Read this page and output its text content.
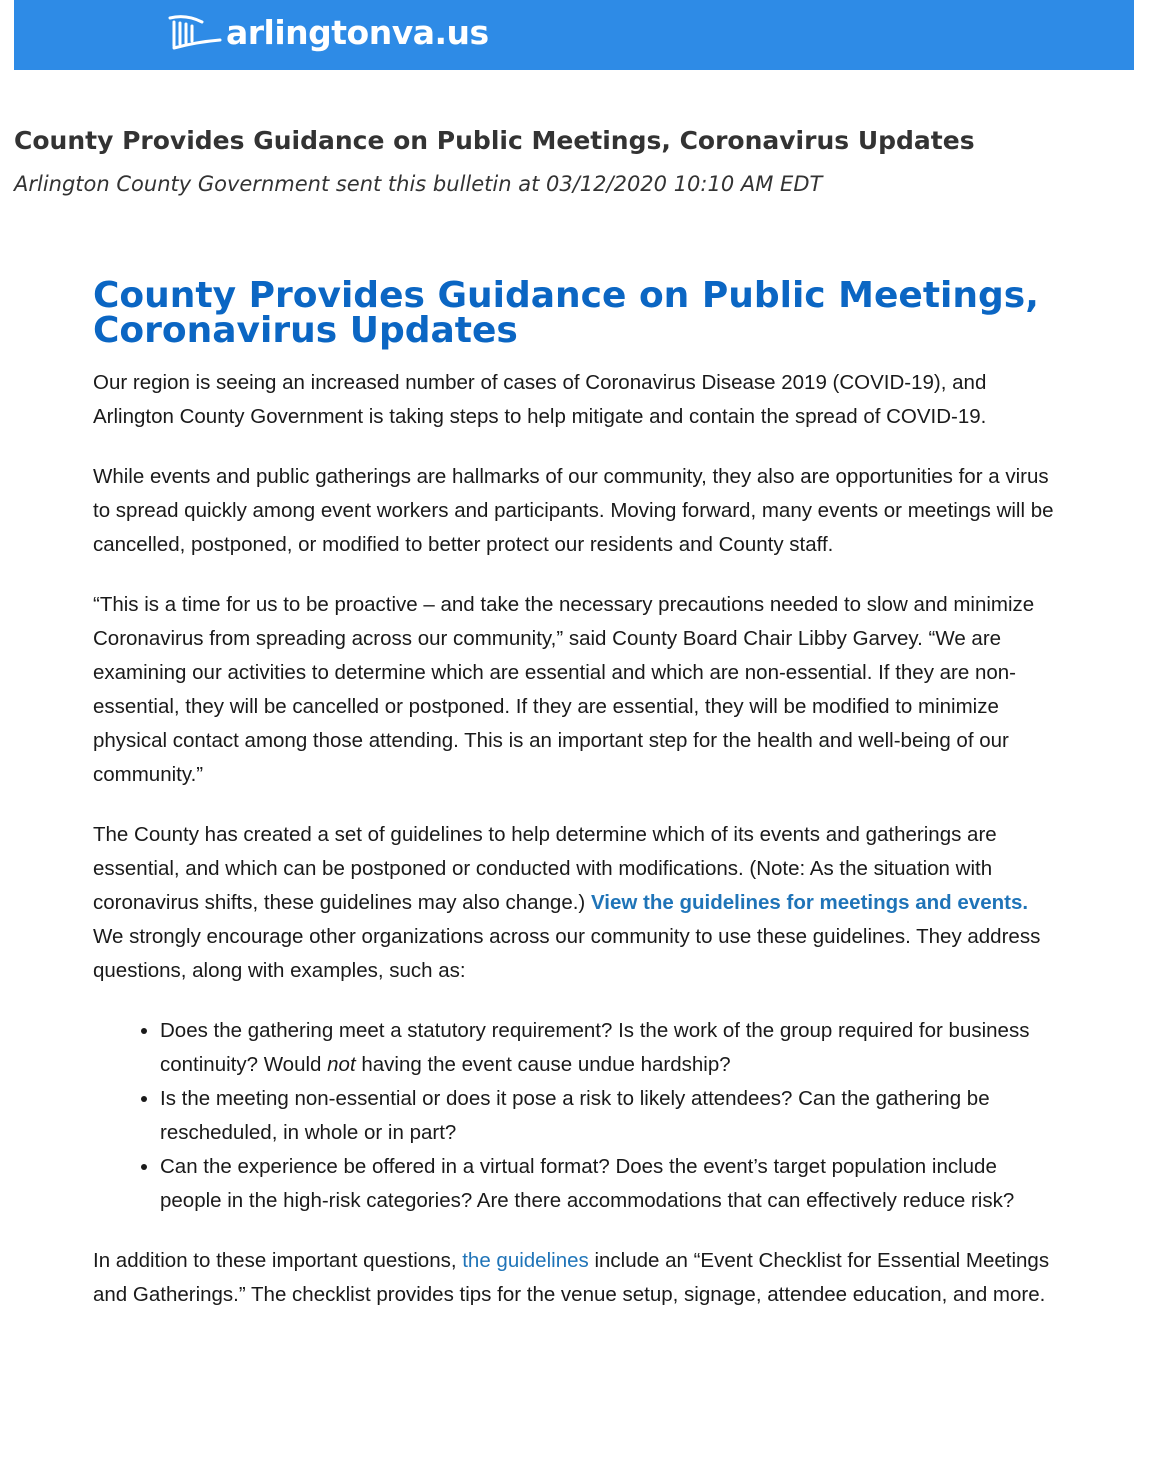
arlingtonva.us
County Provides Guidance on Public Meetings, Coronavirus Updates
Arlington County Government sent this bulletin at 03/12/2020 10:10 AM EDT
County Provides Guidance on Public Meetings, Coronavirus Updates

Our region is seeing an increased number of cases of Coronavirus Disease 2019 (COVID-19), and Arlington County Government is taking steps to help mitigate and contain the spread of COVID-19.

While events and public gatherings are hallmarks of our community, they also are opportunities for a virus to spread quickly among event workers and participants. Moving forward, many events or meetings will be cancelled, postponed, or modified to better protect our residents and County staff.

“This is a time for us to be proactive – and take the necessary precautions needed to slow and minimize Coronavirus from spreading across our community,” said County Board Chair Libby Garvey. “We are examining our activities to determine which are essential and which are non-essential. If they are non-essential, they will be cancelled or postponed. If they are essential, they will be modified to minimize physical contact among those attending. This is an important step for the health and well-being of our community.”

The County has created a set of guidelines to help determine which of its events and gatherings are essential, and which can be postponed or conducted with modifications. (Note: As the situation with coronavirus shifts, these guidelines may also change.) View the guidelines for meetings and events. We strongly encourage other organizations across our community to use these guidelines. They address questions, along with examples, such as:

• Does the gathering meet a statutory requirement? Is the work of the group required for business continuity? Would not having the event cause undue hardship?
• Is the meeting non-essential or does it pose a risk to likely attendees? Can the gathering be rescheduled, in whole or in part?
• Can the experience be offered in a virtual format? Does the event’s target population include people in the high-risk categories? Are there accommodations that can effectively reduce risk?

In addition to these important questions, the guidelines include an “Event Checklist for Essential Meetings and Gatherings.” The checklist provides tips for the venue setup, signage, attendee education, and more.
